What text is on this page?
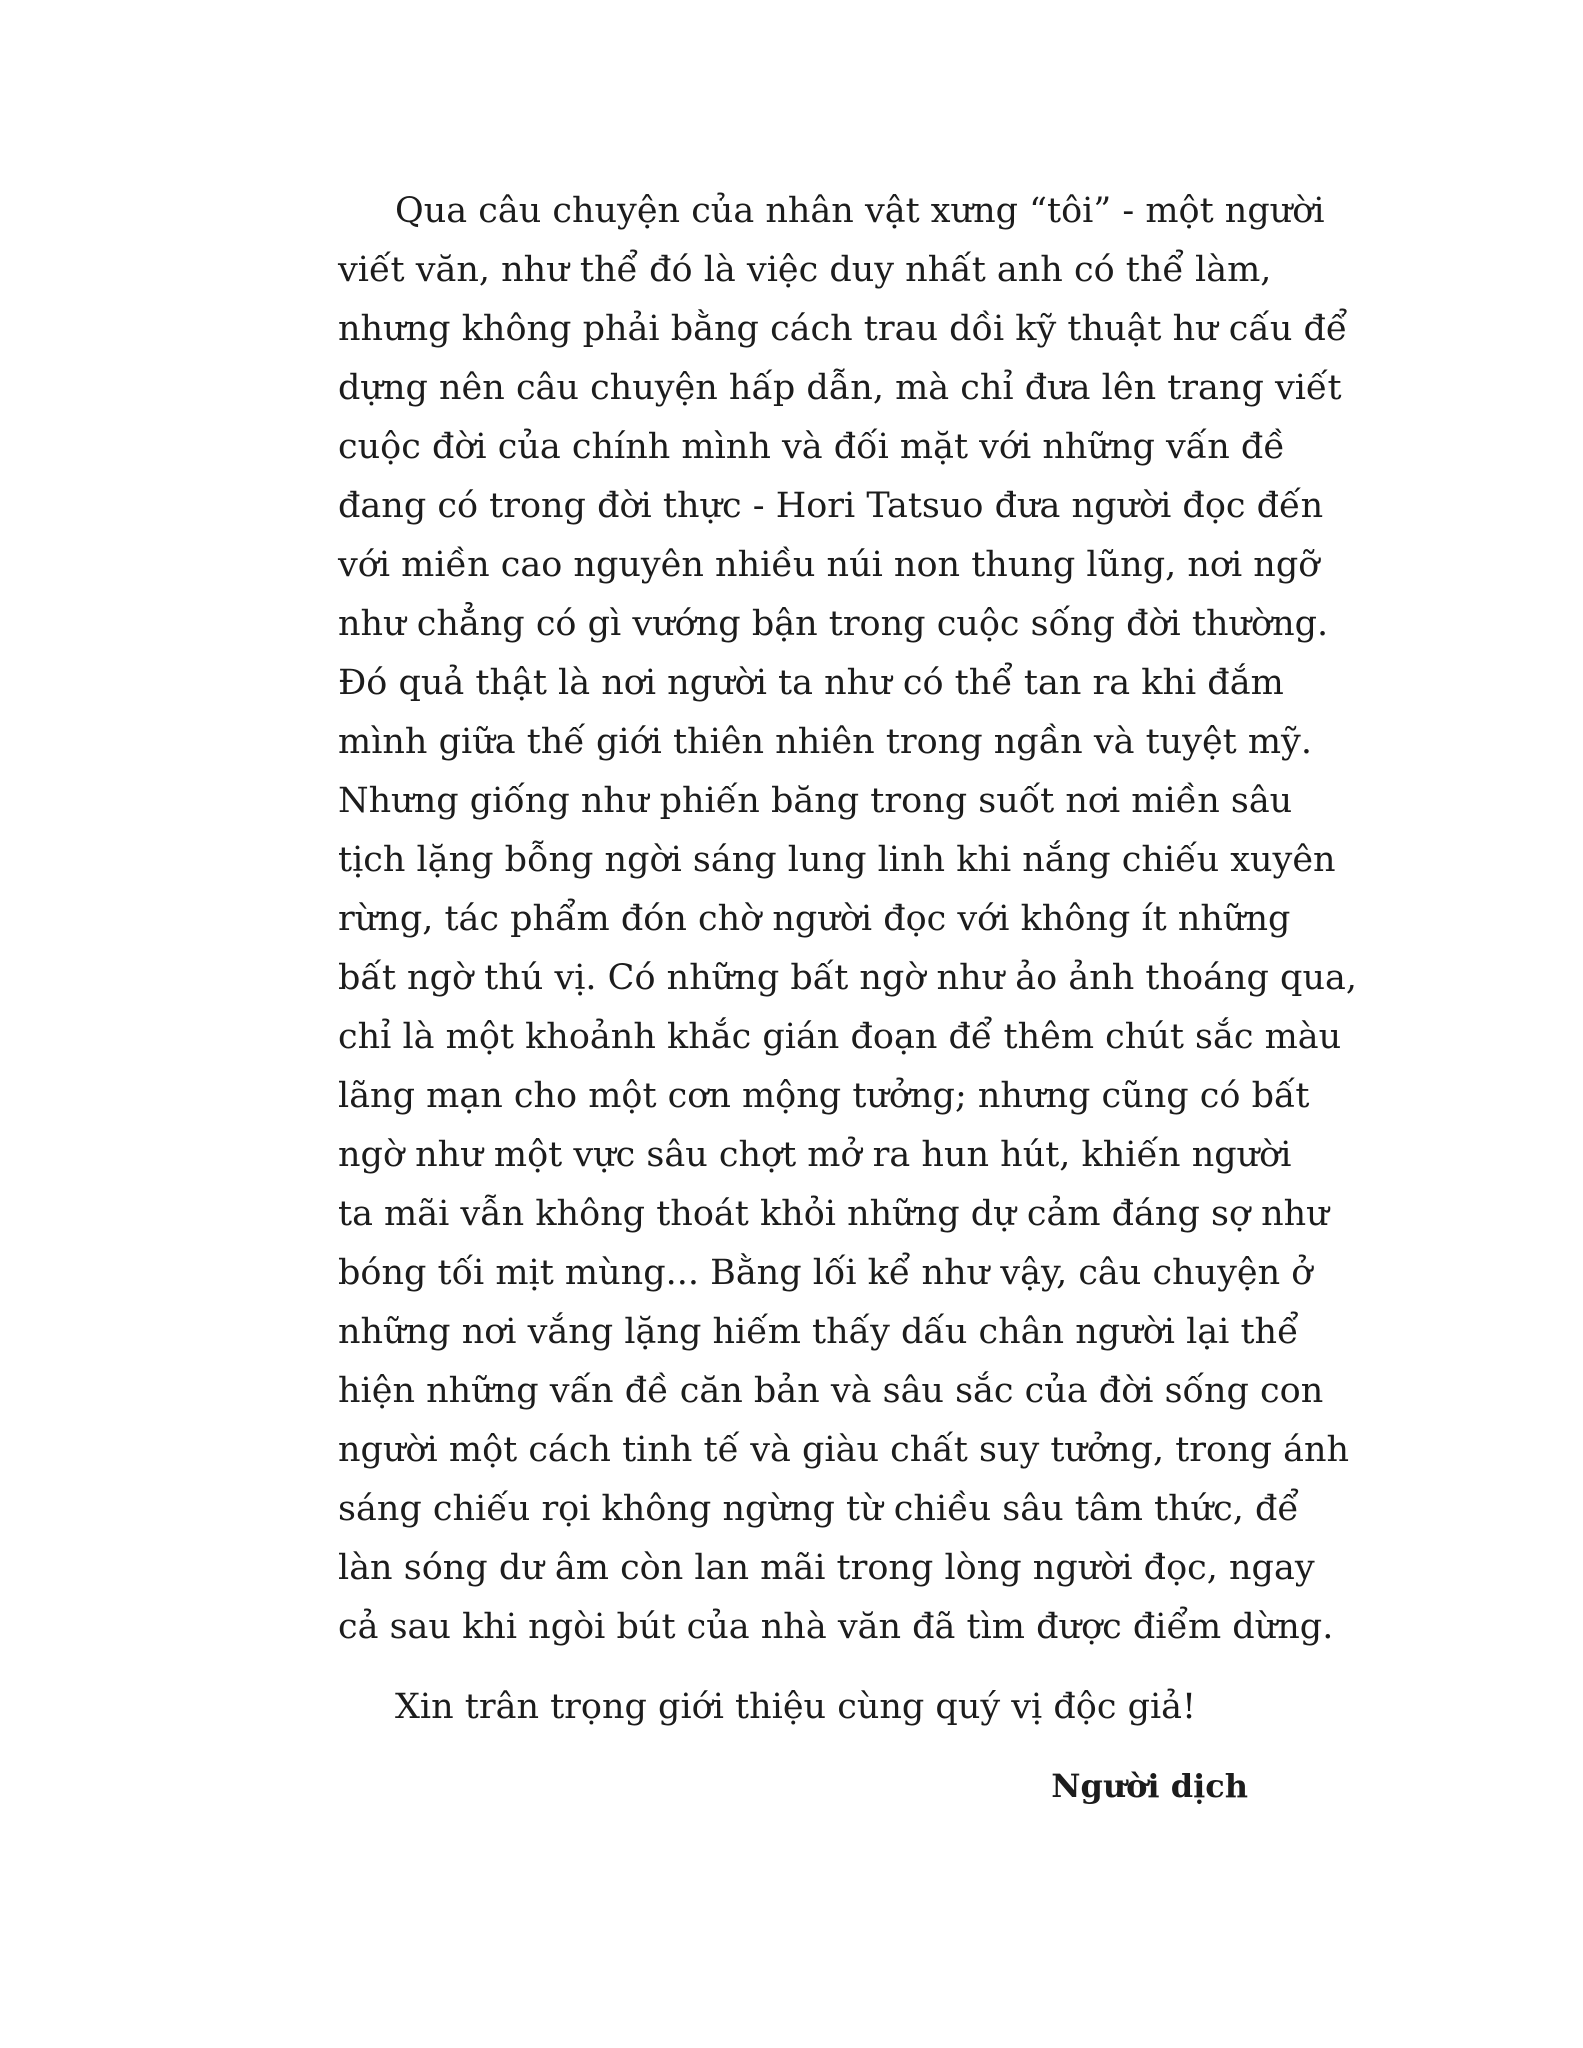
Qua câu chuyện của nhân vật xưng “tôi” - một người
viết văn, như thể đó là việc duy nhất anh có thể làm,
nhưng không phải bằng cách trau dồi kỹ thuật hư cấu để
dựng nên câu chuyện hấp dẫn, mà chỉ đưa lên trang viết
cuộc đời của chính mình và đối mặt với những vấn đề
đang có trong đời thực - Hori Tatsuo đưa người đọc đến
với miền cao nguyên nhiều núi non thung lũng, nơi ngỡ
như chẳng có gì vướng bận trong cuộc sống đời thường.
Đó quả thật là nơi người ta như có thể tan ra khi đắm
mình giữa thế giới thiên nhiên trong ngần và tuyệt mỹ.
Nhưng giống như phiến băng trong suốt nơi miền sâu
tịch lặng bỗng ngời sáng lung linh khi nắng chiếu xuyên
rừng, tác phẩm đón chờ người đọc với không ít những
bất ngờ thú vị. Có những bất ngờ như ảo ảnh thoáng qua,
chỉ là một khoảnh khắc gián đoạn để thêm chút sắc màu
lãng mạn cho một cơn mộng tưởng; nhưng cũng có bất
ngờ như một vực sâu chợt mở ra hun hút, khiến người
ta mãi vẫn không thoát khỏi những dự cảm đáng sợ như
bóng tối mịt mùng... Bằng lối kể như vậy, câu chuyện ở
những nơi vắng lặng hiếm thấy dấu chân người lại thể
hiện những vấn đề căn bản và sâu sắc của đời sống con
người một cách tinh tế và giàu chất suy tưởng, trong ánh
sáng chiếu rọi không ngừng từ chiều sâu tâm thức, để
làn sóng dư âm còn lan mãi trong lòng người đọc, ngay
cả sau khi ngòi bút của nhà văn đã tìm được điểm dừng.
Xin trân trọng giới thiệu cùng quý vị độc giả!
Người dịch
